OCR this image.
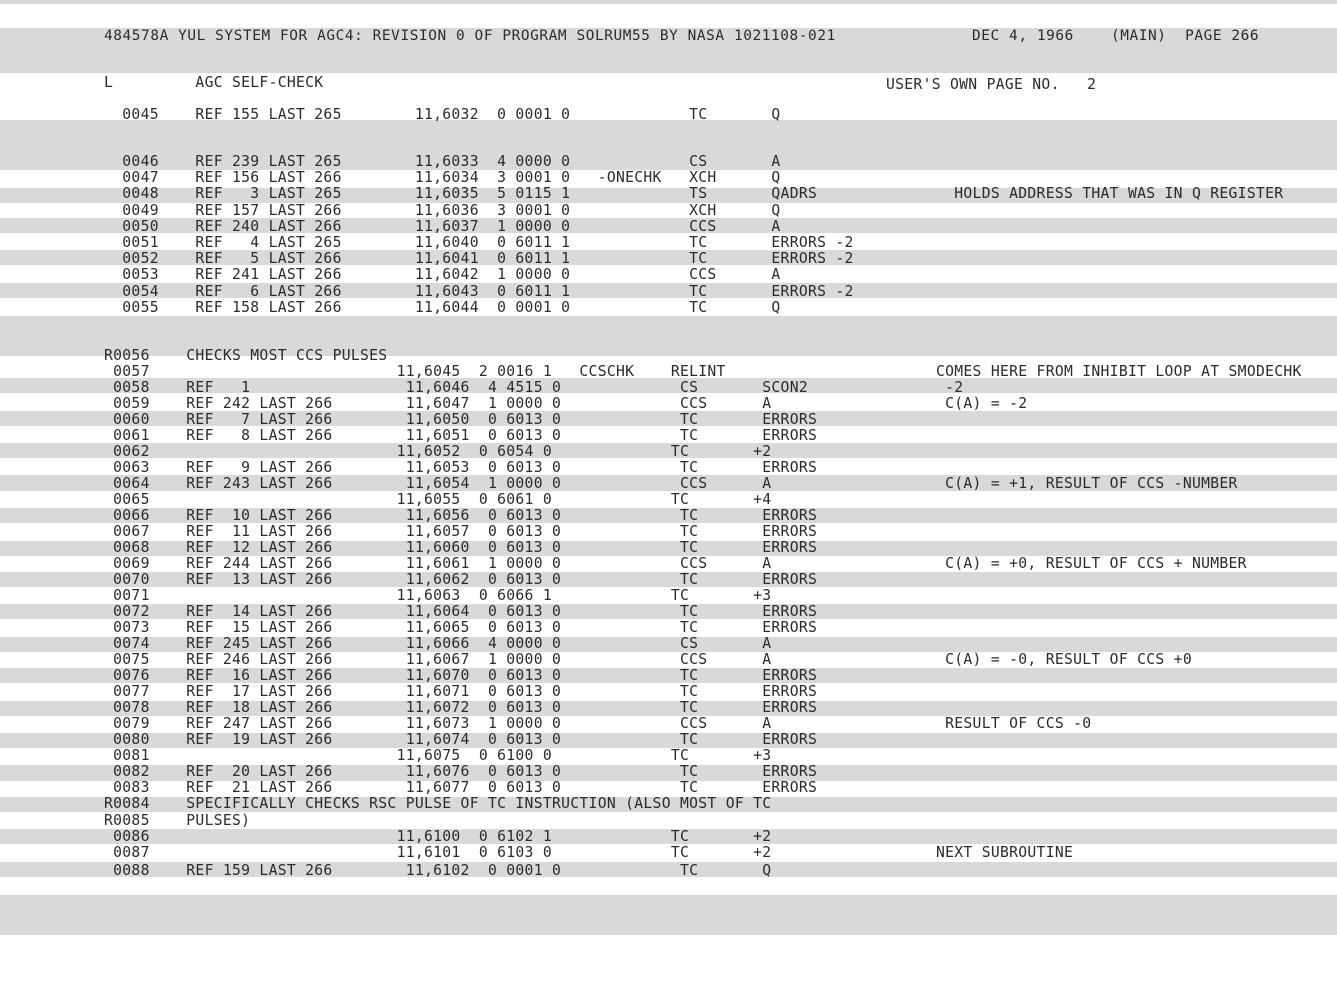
484578A YUL SYSTEM FOR AGC4: REVISION 0 OF PROGRAM SOLRUM55 BY NASA 1021108-021	DEC 4, 1966    (MAIN)  PAGE 266
L         AGC SELF-CHECK	USER'S OWN PAGE NO.   2
0045    REF 155 LAST 265        11,6032  0 0001 0             TC       Q
0046    REF 239 LAST 265        11,6033  4 0000 0             CS       A
0047    REF 156 LAST 266        11,6034  3 0001 0   -ONECHK   XCH      Q
0048    REF   3 LAST 265        11,6035  5 0115 1             TS       QADRS               HOLDS ADDRESS THAT WAS IN Q REGISTER
0049    REF 157 LAST 266        11,6036  3 0001 0             XCH      Q
0050    REF 240 LAST 266        11,6037  1 0000 0             CCS      A
0051    REF   4 LAST 265        11,6040  0 6011 1             TC       ERRORS -2
0052    REF   5 LAST 266        11,6041  0 6011 1             TC       ERRORS -2
0053    REF 241 LAST 266        11,6042  1 0000 0             CCS      A
0054    REF   6 LAST 266        11,6043  0 6011 1             TC       ERRORS -2
0055    REF 158 LAST 266        11,6044  0 0001 0             TC       Q
R0056    CHECKS MOST CCS PULSES
0057                           11,6045  2 0016 1   CCSCHK    RELINT                       COMES HERE FROM INHIBIT LOOP AT SMODECHK
0058    REF   1                 11,6046  4 4515 0             CS       SCON2               -2
0059    REF 242 LAST 266        11,6047  1 0000 0             CCS      A                   C(A) = -2
0060    REF   7 LAST 266        11,6050  0 6013 0             TC       ERRORS
0061    REF   8 LAST 266        11,6051  0 6013 0             TC       ERRORS
0062                           11,6052  0 6054 0             TC       +2
0063    REF   9 LAST 266        11,6053  0 6013 0             TC       ERRORS
0064    REF 243 LAST 266        11,6054  1 0000 0             CCS      A                   C(A) = +1, RESULT OF CCS -NUMBER
0065                           11,6055  0 6061 0             TC       +4
0066    REF  10 LAST 266        11,6056  0 6013 0             TC       ERRORS
0067    REF  11 LAST 266        11,6057  0 6013 0             TC       ERRORS
0068    REF  12 LAST 266        11,6060  0 6013 0             TC       ERRORS
0069    REF 244 LAST 266        11,6061  1 0000 0             CCS      A                   C(A) = +0, RESULT OF CCS + NUMBER
0070    REF  13 LAST 266        11,6062  0 6013 0             TC       ERRORS
0071                           11,6063  0 6066 1             TC       +3
0072    REF  14 LAST 266        11,6064  0 6013 0             TC       ERRORS
0073    REF  15 LAST 266        11,6065  0 6013 0             TC       ERRORS
0074    REF 245 LAST 266        11,6066  4 0000 0             CS       A
0075    REF 246 LAST 266        11,6067  1 0000 0             CCS      A                   C(A) = -0, RESULT OF CCS +0
0076    REF  16 LAST 266        11,6070  0 6013 0             TC       ERRORS
0077    REF  17 LAST 266        11,6071  0 6013 0             TC       ERRORS
0078    REF  18 LAST 266        11,6072  0 6013 0             TC       ERRORS
0079    REF 247 LAST 266        11,6073  1 0000 0             CCS      A                   RESULT OF CCS -0
0080    REF  19 LAST 266        11,6074  0 6013 0             TC       ERRORS
0081                           11,6075  0 6100 0             TC       +3
0082    REF  20 LAST 266        11,6076  0 6013 0             TC       ERRORS
0083    REF  21 LAST 266        11,6077  0 6013 0             TC       ERRORS
R0084    SPECIFICALLY CHECKS RSC PULSE OF TC INSTRUCTION (ALSO MOST OF TC
R0085    PULSES)
0086                           11,6100  0 6102 1             TC       +2
0087                           11,6101  0 6103 0             TC       +2                  NEXT SUBROUTINE
0088    REF 159 LAST 266        11,6102  0 0001 0             TC       Q
